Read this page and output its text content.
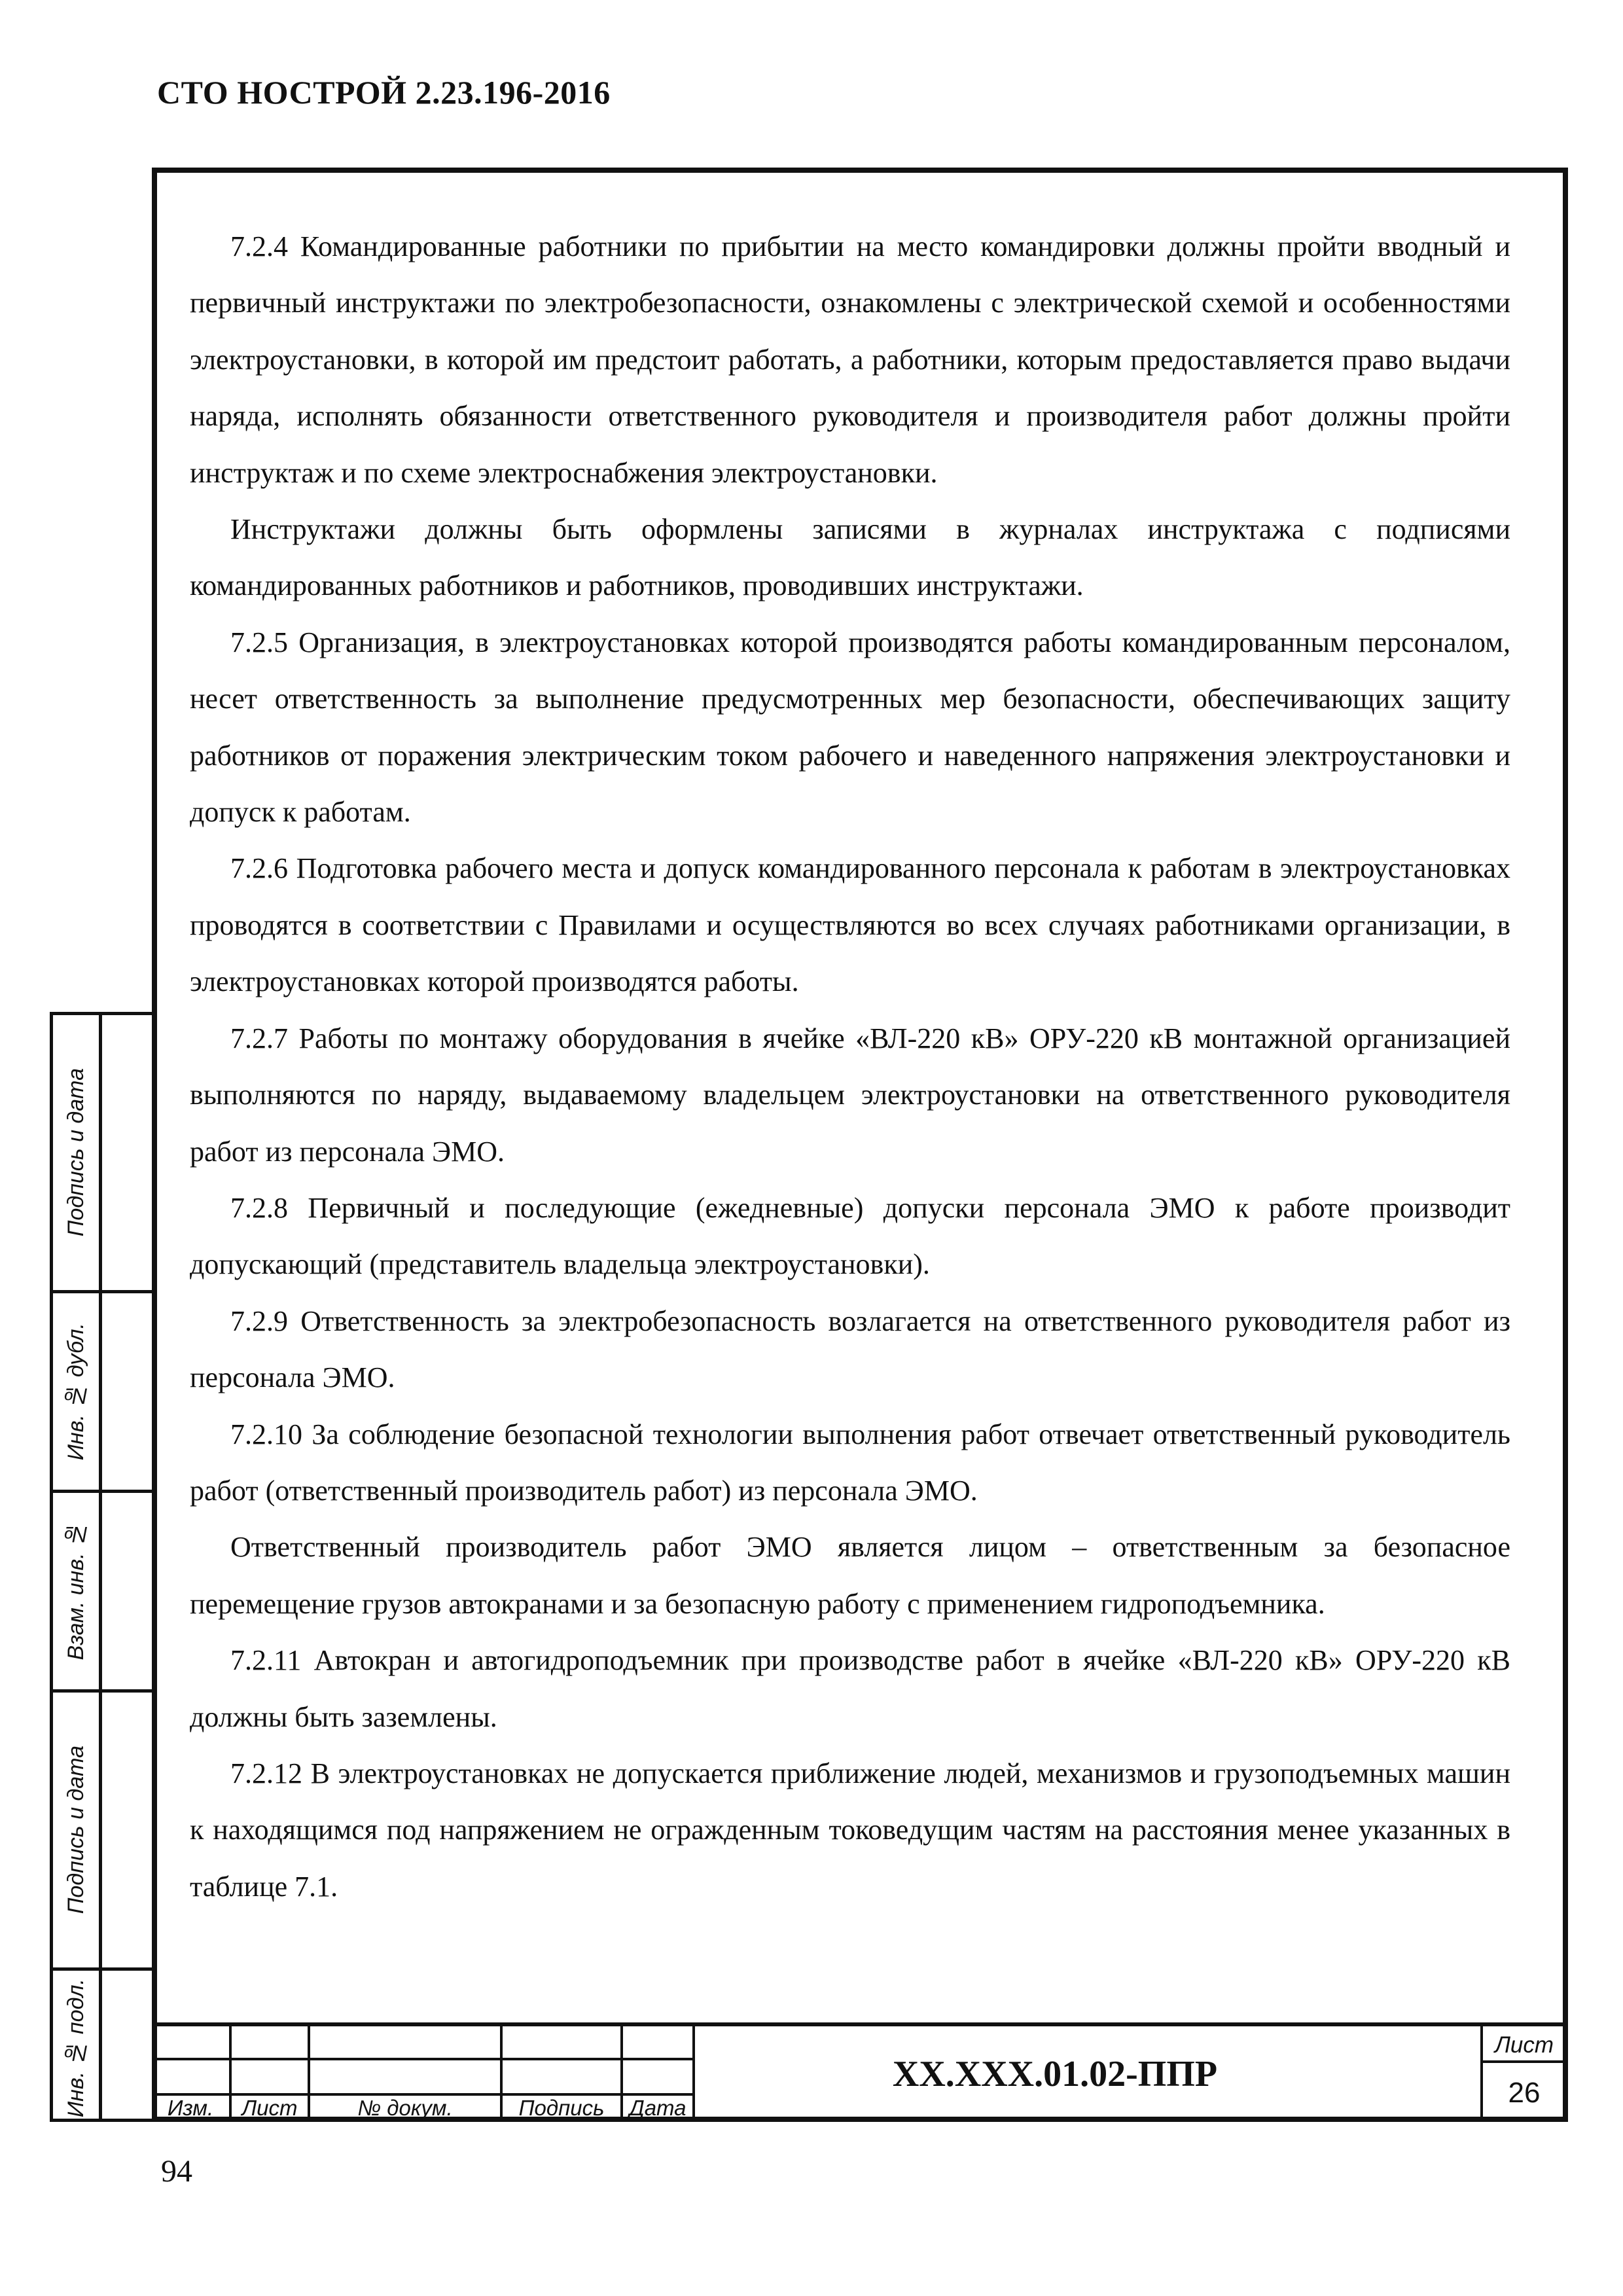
СТО НОСТРОЙ 2.23.196-2016

7.2.4 Командированные работники по прибытии на место командировки должны пройти вводный и первичный инструктажи по электробезопасности, ознакомлены с электрической схемой и особенностями электроустановки, в которой им предстоит работать, а работники, которым предоставляется право выдачи наряда, исполнять обязанности ответственного руководителя и производителя работ должны пройти инструктаж и по схеме электроснабжения электроустановки.

Инструктажи должны быть оформлены записями в журналах инструктажа с подписями командированных работников и работников, проводивших инструктажи.

7.2.5 Организация, в электроустановках которой производятся работы командированным персоналом, несет ответственность за выполнение предусмотренных мер безопасности, обеспечивающих защиту работников от поражения электрическим током рабочего и наведенного напряжения электроустановки и допуск к работам.

7.2.6 Подготовка рабочего места и допуск командированного персонала к работам в электроустановках проводятся в соответствии с Правилами и осуществляются во всех случаях работниками организации, в электроустановках которой производятся работы.

7.2.7 Работы по монтажу оборудования в ячейке «ВЛ-220 кВ» ОРУ-220 кВ монтажной организацией выполняются по наряду, выдаваемому владельцем электроустановки на ответственного руководителя работ из персонала ЭМО.

7.2.8 Первичный и последующие (ежедневные) допуски персонала ЭМО к работе производит допускающий (представитель владельца электроустановки).

7.2.9 Ответственность за электробезопасность возлагается на ответственного руководителя работ из персонала ЭМО.

7.2.10 За соблюдение безопасной технологии выполнения работ отвечает ответственный руководитель работ (ответственный производитель работ) из персонала ЭМО.

Ответственный производитель работ ЭМО является лицом – ответственным за безопасное перемещение грузов автокранами и за безопасную работу с применением гидроподъемника.

7.2.11 Автокран и автогидроподъемник при производстве работ в ячейке «ВЛ-220 кВ» ОРУ-220 кВ должны быть заземлены.

7.2.12 В электроустановках не допускается приближение людей, механизмов и грузоподъемных машин к находящимся под напряжением не огражденным токоведущим частям на расстояния менее указанных в таблице 7.1.

Подпись и дата
Инв. № дубл.
Взам. инв. №
Подпись и дата
Инв. № подл.	Изм.	Лист	№ докум.	Подпись	Дата
ХХ.ХХХ.01.02-ППР
Лист
26
94
